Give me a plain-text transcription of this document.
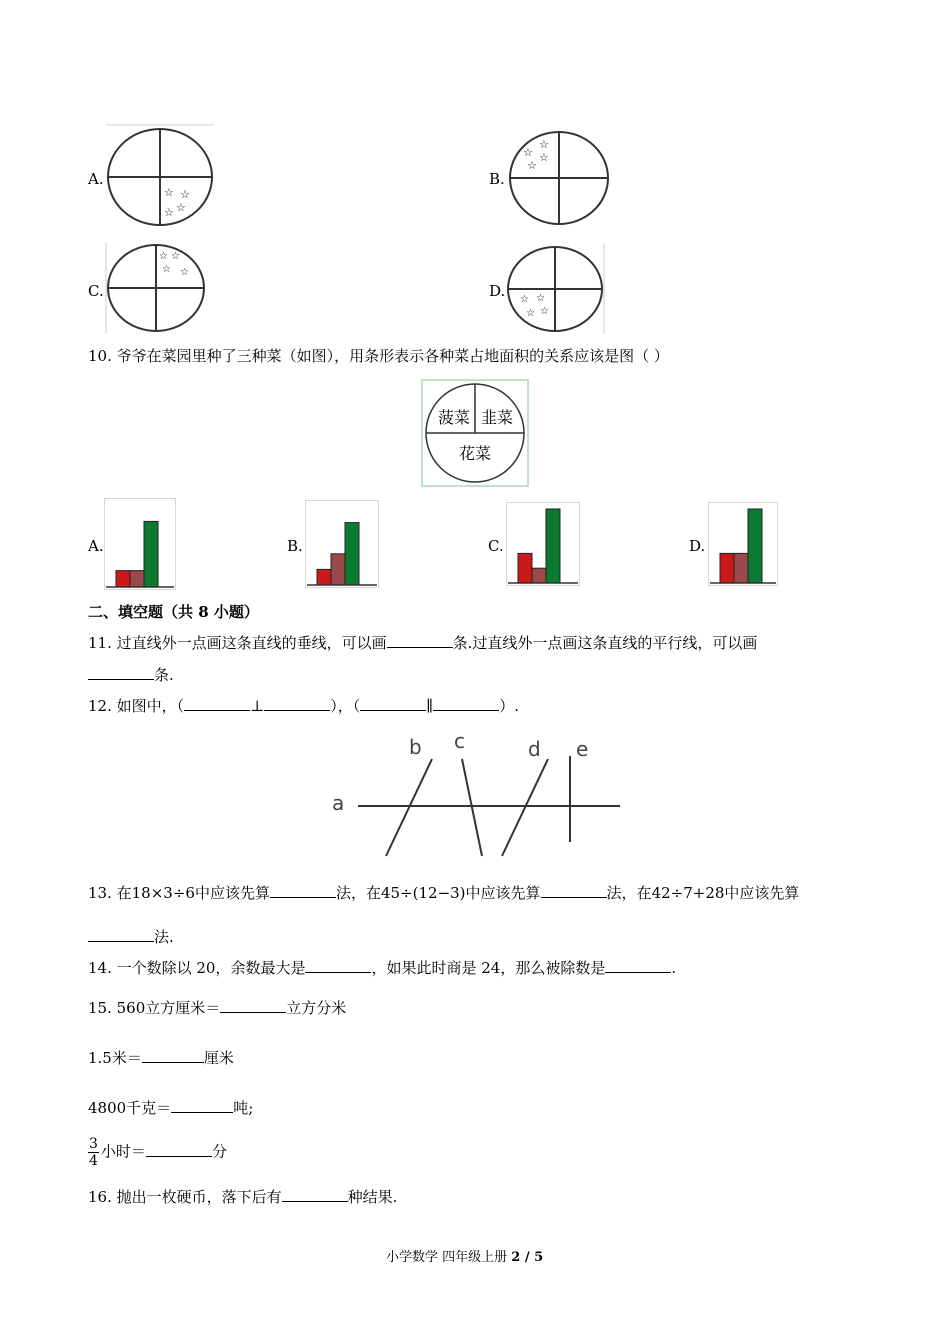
A.
☆ ☆
☆
☆
B.
☆
☆ ☆
☆
C.
☆ ☆
☆ ☆
D. ☆ ☆
☆ ☆
10. 爷爷在菜园里种了三种菜（如图），用条形表示各种菜占地面积的关系应该是图（ ）
菠菜 韭菜
花菜
A.	B.	C.	D.
二、填空题（共 8 小题）
11. 过直线外一点画这条直线的垂线，可以画	条.过直线外一点画这条直线的平行线，可以画
条.
12. 如图中，（	⊥	），（	∥	）.
a
b c	d e
13. 在18×3÷6中应该先算	法，在45÷(12−3)中应该先算	法，在42÷7+28中应该先算
法.
14. 一个数除以 20，余数最大是	，如果此时商是 24，那么被除数是	.
15. 560立方厘米＝	立方分米
1.5米＝	厘米
4800千克＝	吨;
$\frac{3}{4}$ 小时＝	分
16. 抛出一枚硬币，落下后有	种结果.
小学数学 四年级上册 2 / 5
